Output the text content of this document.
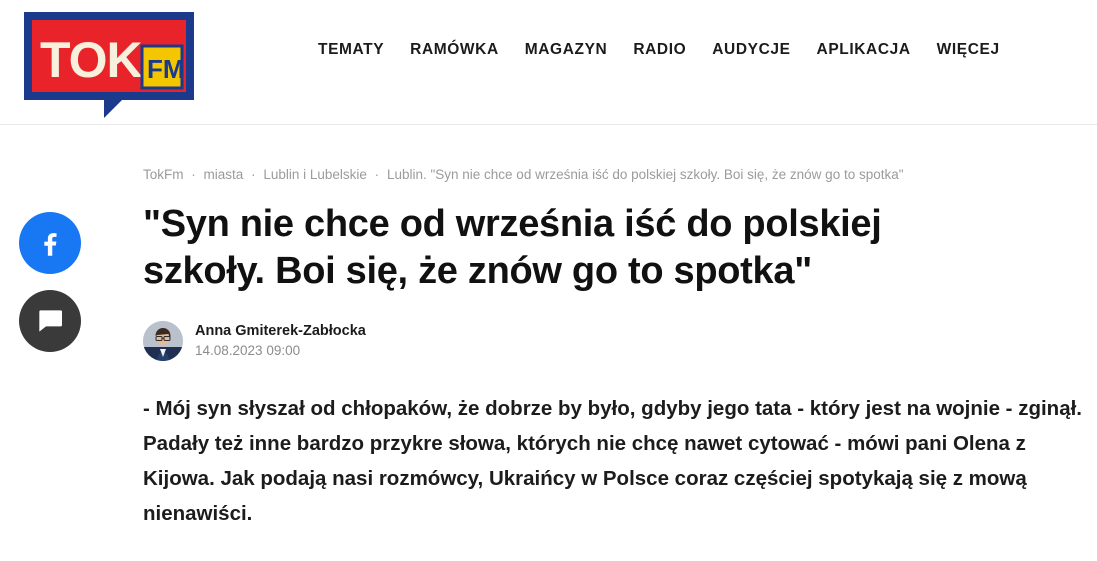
TOK FM
TEMATY RAMÓWKA MAGAZYN RADIO AUDYCJE APLIKACJA WIĘCEJ
TokFm · miasta · Lublin i Lubelskie · Lublin. "Syn nie chce od września iść do polskiej szkoły. Boi się, że znów go to spotka"
"Syn nie chce od września iść do polskiej szkoły. Boi się, że znów go to spotka"
Anna Gmiterek-Zabłocka
14.08.2023 09:00

- Mój syn słyszał od chłopaków, że dobrze by było, gdyby jego tata - który jest na wojnie - zginął. Padały też inne bardzo przykre słowa, których nie chcę nawet cytować - mówi pani Olena z Kijowa. Jak podają nasi rozmówcy, Ukraińcy w Polsce coraz częściej spotykają się z mową nienawiści.
